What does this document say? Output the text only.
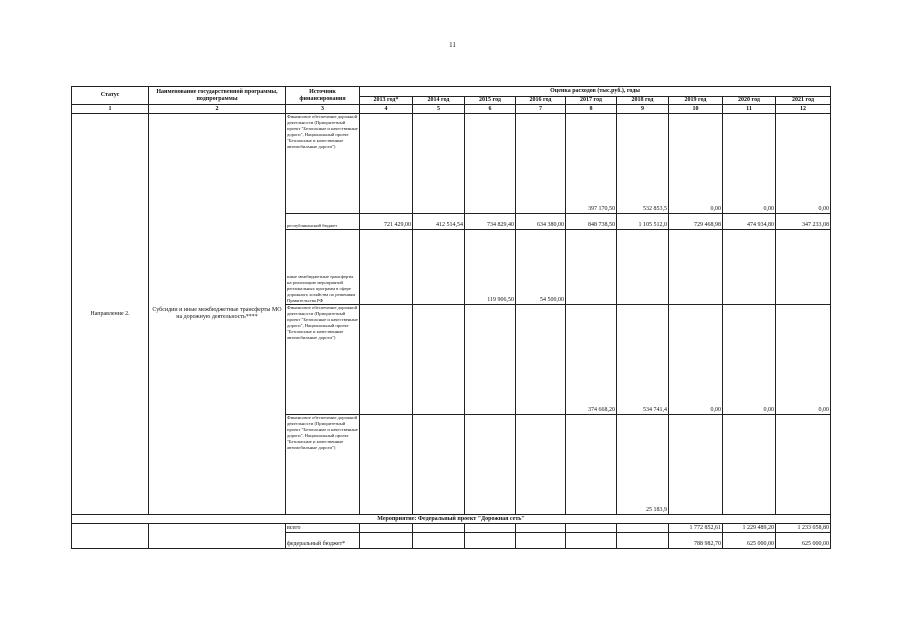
11
Статус	Наименование государственной программы, подпрограммы	Источник финансирования	Оценка расходов (тыс.руб.), годы								
			2013 год*	2014 год	2015 год	2016 год	2017 год	2018 год	2019 год	2020 год	2021 год
1	2	3	4	5	6	7	8	9	10	11	12
Направление 2.	Субсидии и иные межбюджетные трансферты МО на дорожную деятельность****	Финансовое обеспечение дорожной деятельности (Приоритетный проект "Безопасные и качественные дороги", Национальный проект "Безопасные и качественные автомобильные дороги")					397 170,50	532 853,5	0,00	0,00	0,00
		республиканский бюджет	721 429,00	412 514,54	734 829,40	634 380,00	848 738,50	1 105 512,0	729 468,98	474 934,80	347 233,08
		иные межбюджетные трансферты на реализацию мероприятий региональных программ в сфере дорожного хозяйства по решениям Правительства РФ			119 906,50	54 500,00					
		Финансовое обеспечение дорожной деятельности (Приоритетный проект "Безопасные и качественные дороги", Национальный проект "Безопасные и качественные автомобильные дороги")					374 668,20	534 741,4	0,00	0,00	0,00
		Финансовое обеспечение дорожной деятельности (Приоритетный проект "Безопасные и качественные дороги", Национальный проект "Безопасные и качественные автомобильные дороги")						25 183,9			
Мероприятие: Федеральный проект "Дорожная сеть"											
		всего							1 772 852,61	1 229 489,20	1 233 058,80
		федеральный бюджет*							788 982,70	625 000,00	625 000,00
